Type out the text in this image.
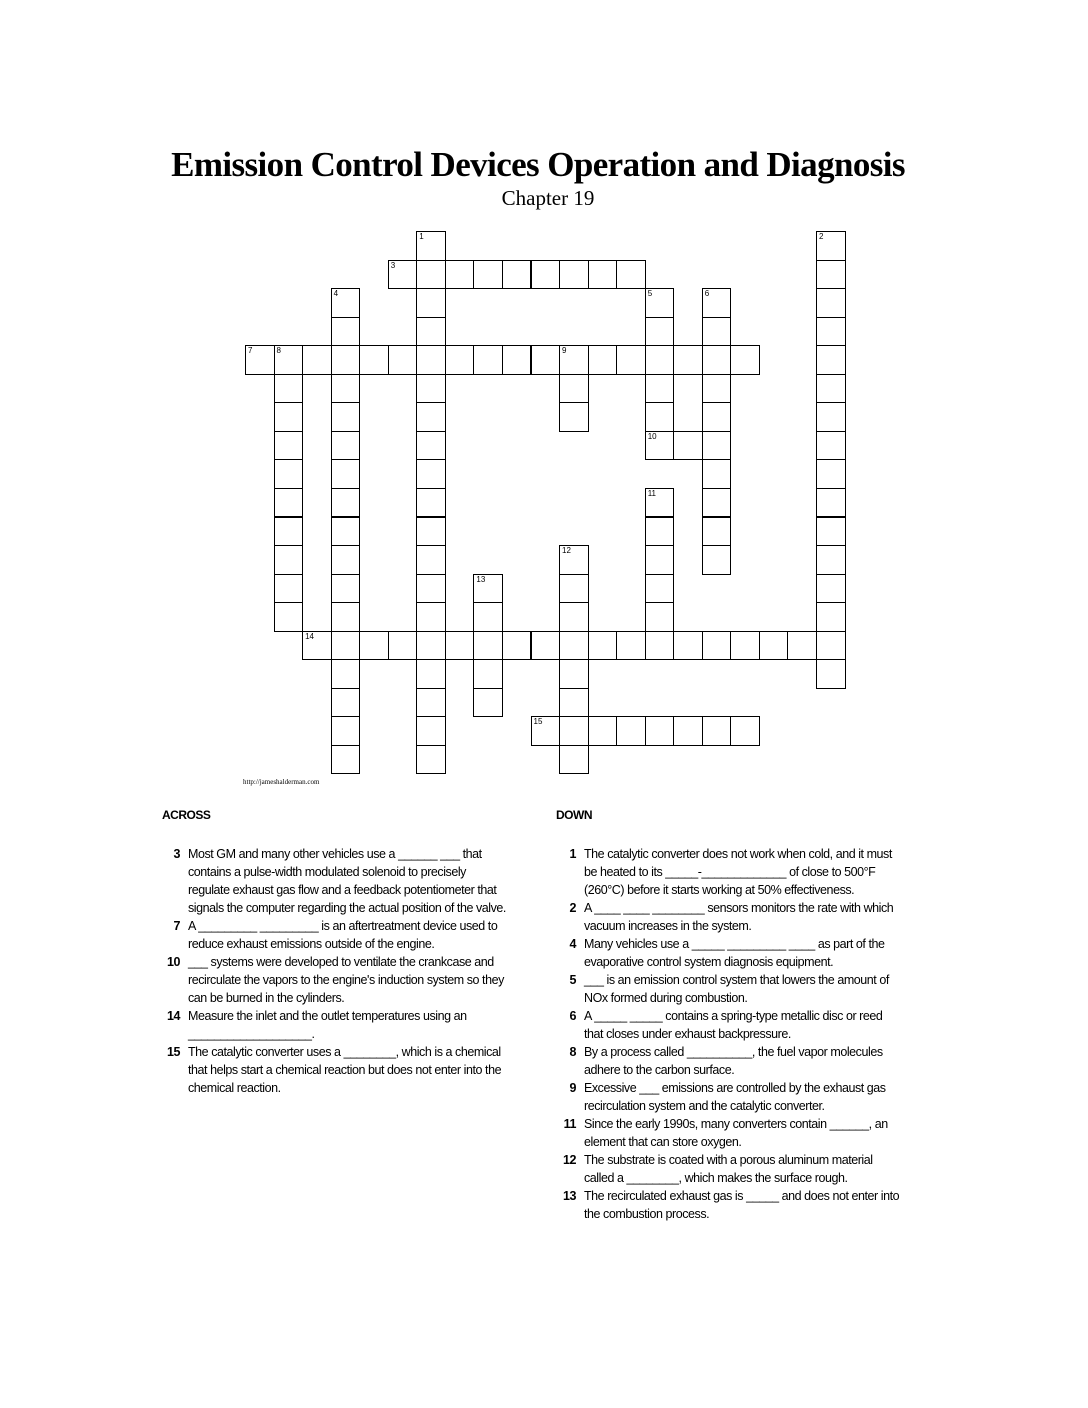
Emission Control Devices Operation and Diagnosis
Chapter 19
1	2
3
4	5	6
7	8	9
10
11
12
13
14
15
http://jameshalderman.com
ACROSS	DOWN
3 Most GM and many other vehicles use a ______ ___ that contains a pulse-width modulated solenoid to precisely regulate exhaust gas flow and a feedback potentiometer that signals the computer regarding the actual position of the valve.
7 A _________ _________ is an aftertreatment device used to reduce exhaust emissions outside of the engine.
10 ___ systems were developed to ventilate the crankcase and recirculate the vapors to the engine's induction system so they can be burned in the cylinders.
14 Measure the inlet and the outlet temperatures using an ___________________.
15 The catalytic converter uses a ________, which is a chemical that helps start a chemical reaction but does not enter into the chemical reaction.
1 The catalytic converter does not work when cold, and it must be heated to its _____-_____________ of close to 500°F (260°C) before it starts working at 50% effectiveness.
2 A ____ ____ ________ sensors monitors the rate with which vacuum increases in the system.
4 Many vehicles use a _____ _________ ____ as part of the evaporative control system diagnosis equipment.
5 ___ is an emission control system that lowers the amount of NOx formed during combustion.
6 A _____ _____ contains a spring-type metallic disc or reed that closes under exhaust backpressure.
8 By a process called __________, the fuel vapor molecules adhere to the carbon surface.
9 Excessive ___ emissions are controlled by the exhaust gas recirculation system and the catalytic converter.
11 Since the early 1990s, many converters contain ______, an element that can store oxygen.
12 The substrate is coated with a porous aluminum material called a ________, which makes the surface rough.
13 The recirculated exhaust gas is _____ and does not enter into the combustion process.
